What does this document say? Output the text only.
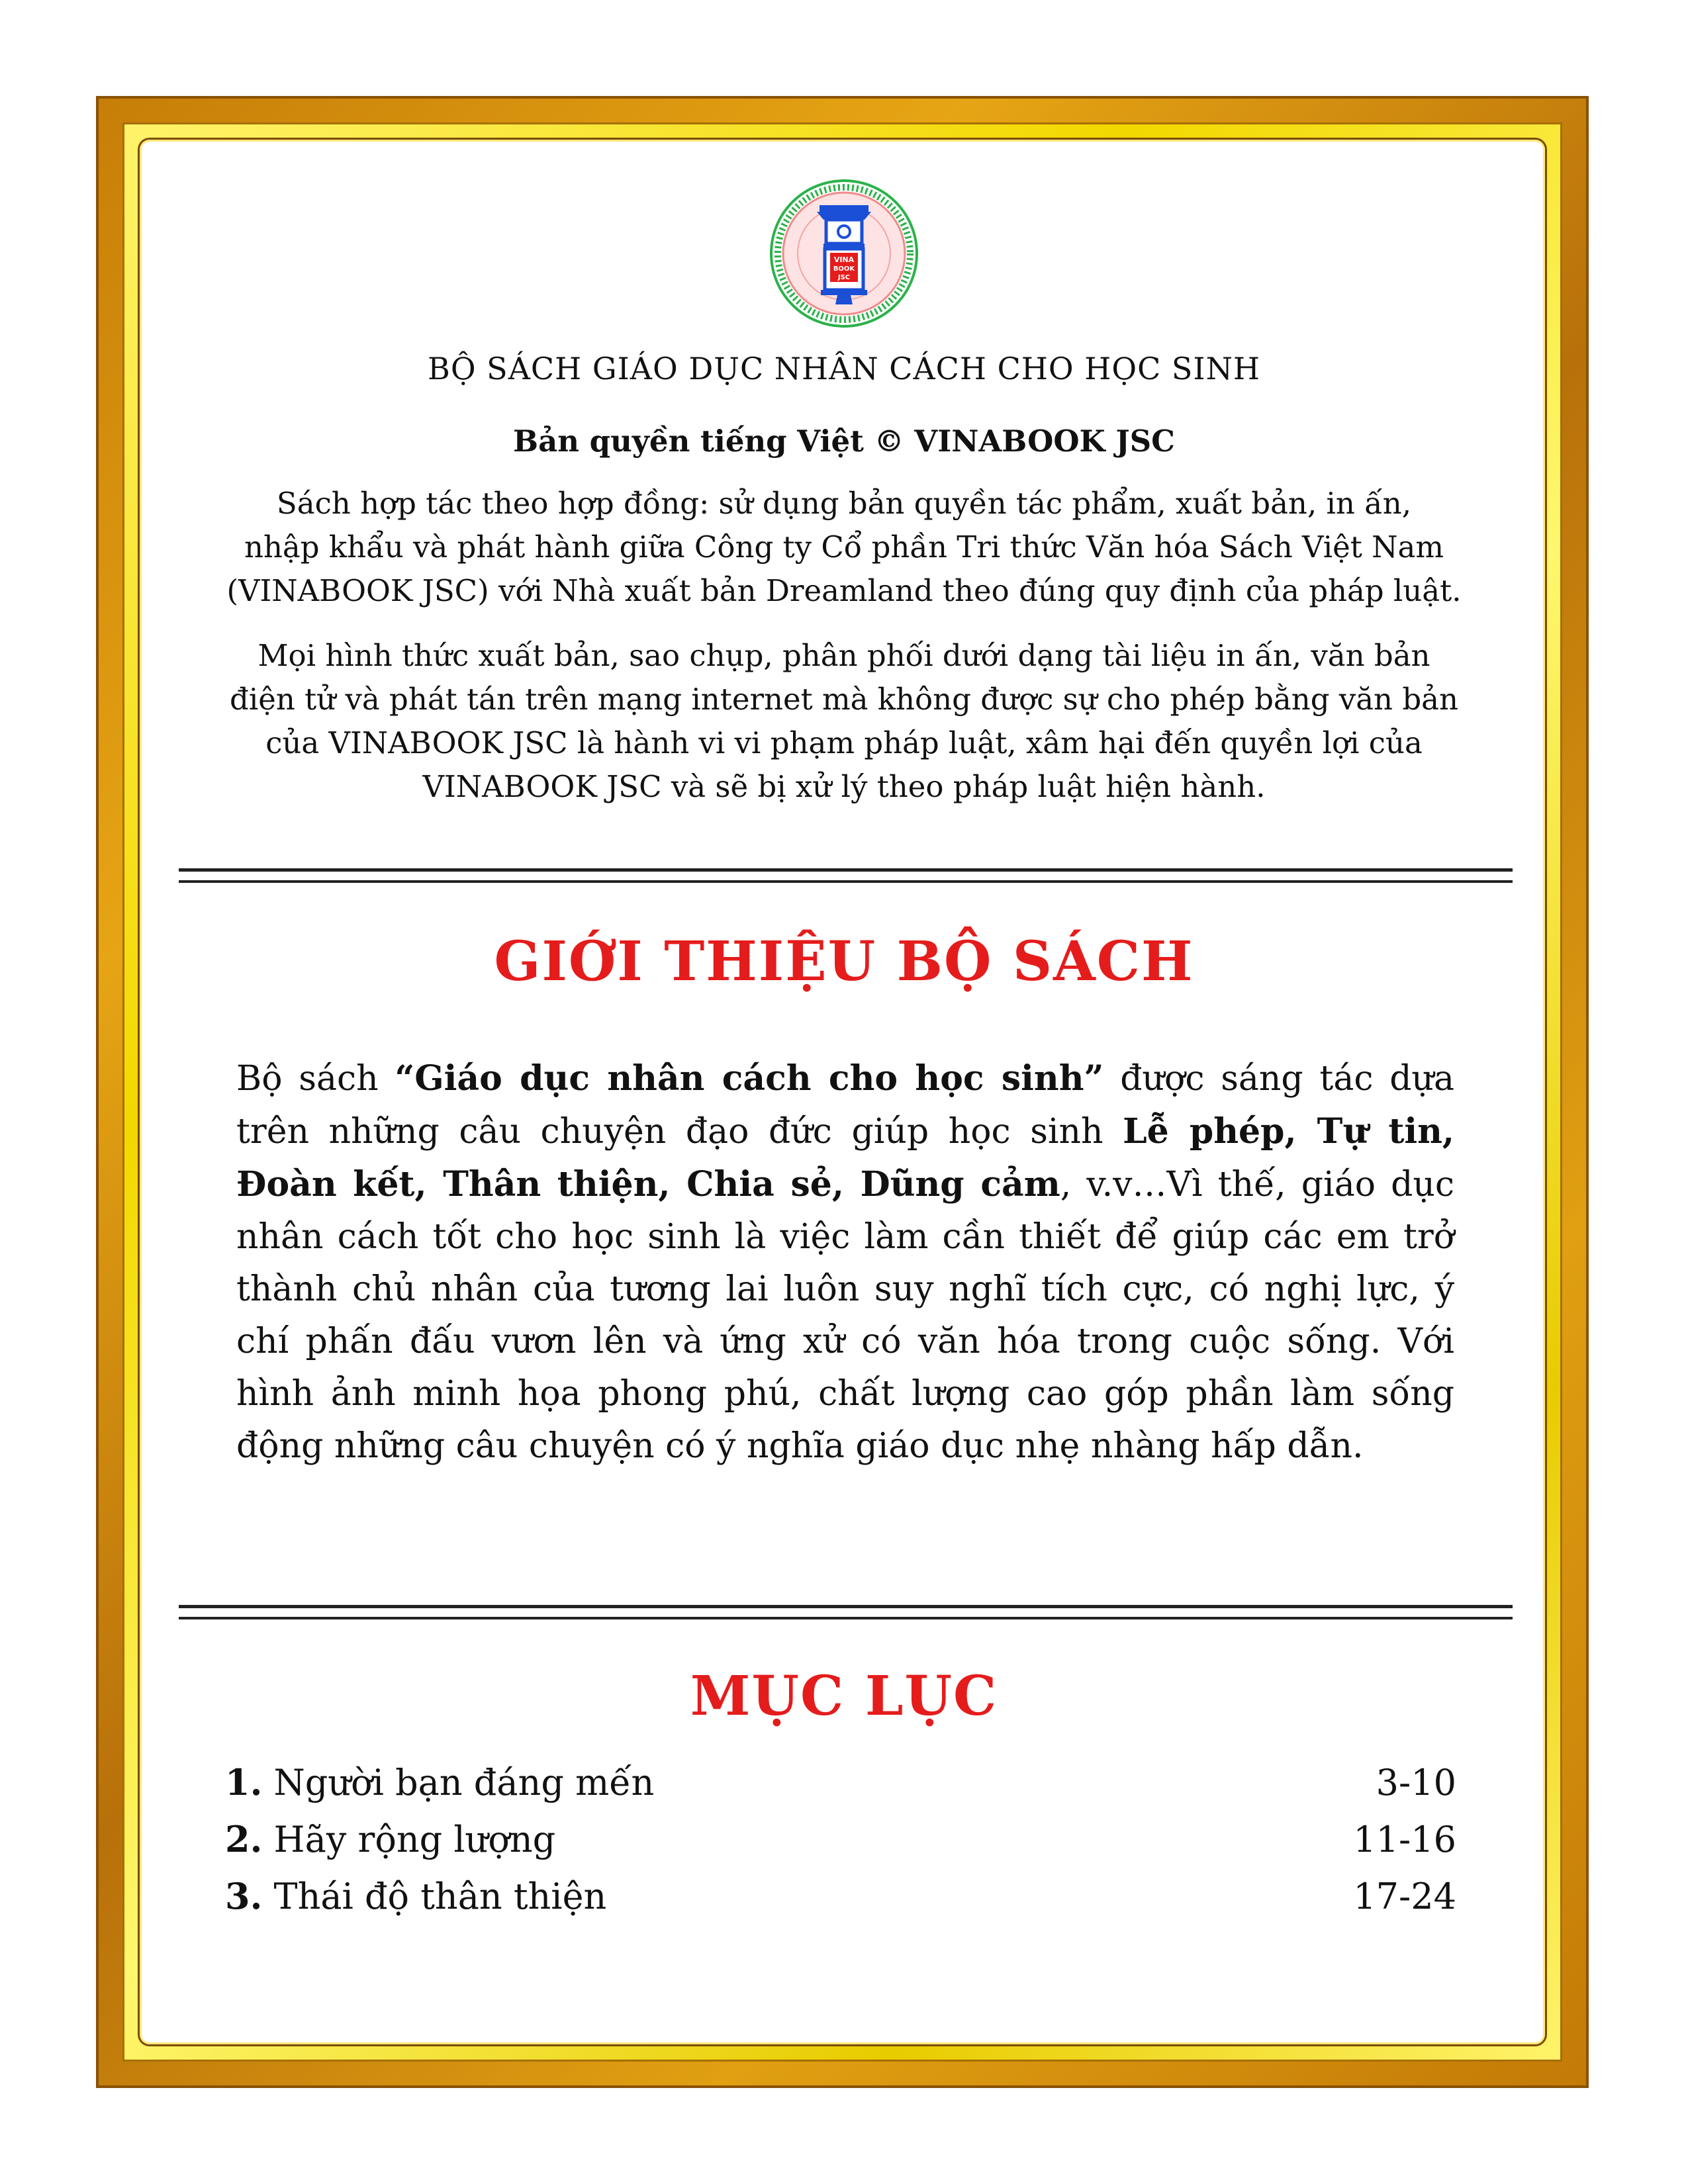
VINA
BOOK
JSC
BỘ SÁCH GIÁO DỤC NHÂN CÁCH CHO HỌC SINH
Bản quyền tiếng Việt © VINABOOK JSC
Sách hợp tác theo hợp đồng: sử dụng bản quyền tác phẩm, xuất bản, in ấn,
nhập khẩu và phát hành giữa Công ty Cổ phần Tri thức Văn hóa Sách Việt Nam
(VINABOOK JSC) với Nhà xuất bản Dreamland theo đúng quy định của pháp luật.
Mọi hình thức xuất bản, sao chụp, phân phối dưới dạng tài liệu in ấn, văn bản
điện tử và phát tán trên mạng internet mà không được sự cho phép bằng văn bản
của VINABOOK JSC là hành vi vi phạm pháp luật, xâm hại đến quyền lợi của
VINABOOK JSC và sẽ bị xử lý theo pháp luật hiện hành.
GIỚI THIỆU BỘ SÁCH
Bộ sách “Giáo dục nhân cách cho học sinh” được sáng tác dựa trên những câu chuyện đạo đức giúp học sinh Lễ phép, Tự tin, Đoàn kết, Thân thiện, Chia sẻ, Dũng cảm, v.v…Vì thế, giáo dục nhân cách tốt cho học sinh là việc làm cần thiết để giúp các em trở thành chủ nhân của tương lai luôn suy nghĩ tích cực, có nghị lực, ý chí phấn đấu vươn lên và ứng xử có văn hóa trong cuộc sống. Với hình ảnh minh họa phong phú, chất lượng cao góp phần làm sống động những câu chuyện có ý nghĩa giáo dục nhẹ nhàng hấp dẫn.
MỤC LỤC
1. Người bạn đáng mến	3-10
2. Hãy rộng lượng	11-16
3. Thái độ thân thiện	17-24
